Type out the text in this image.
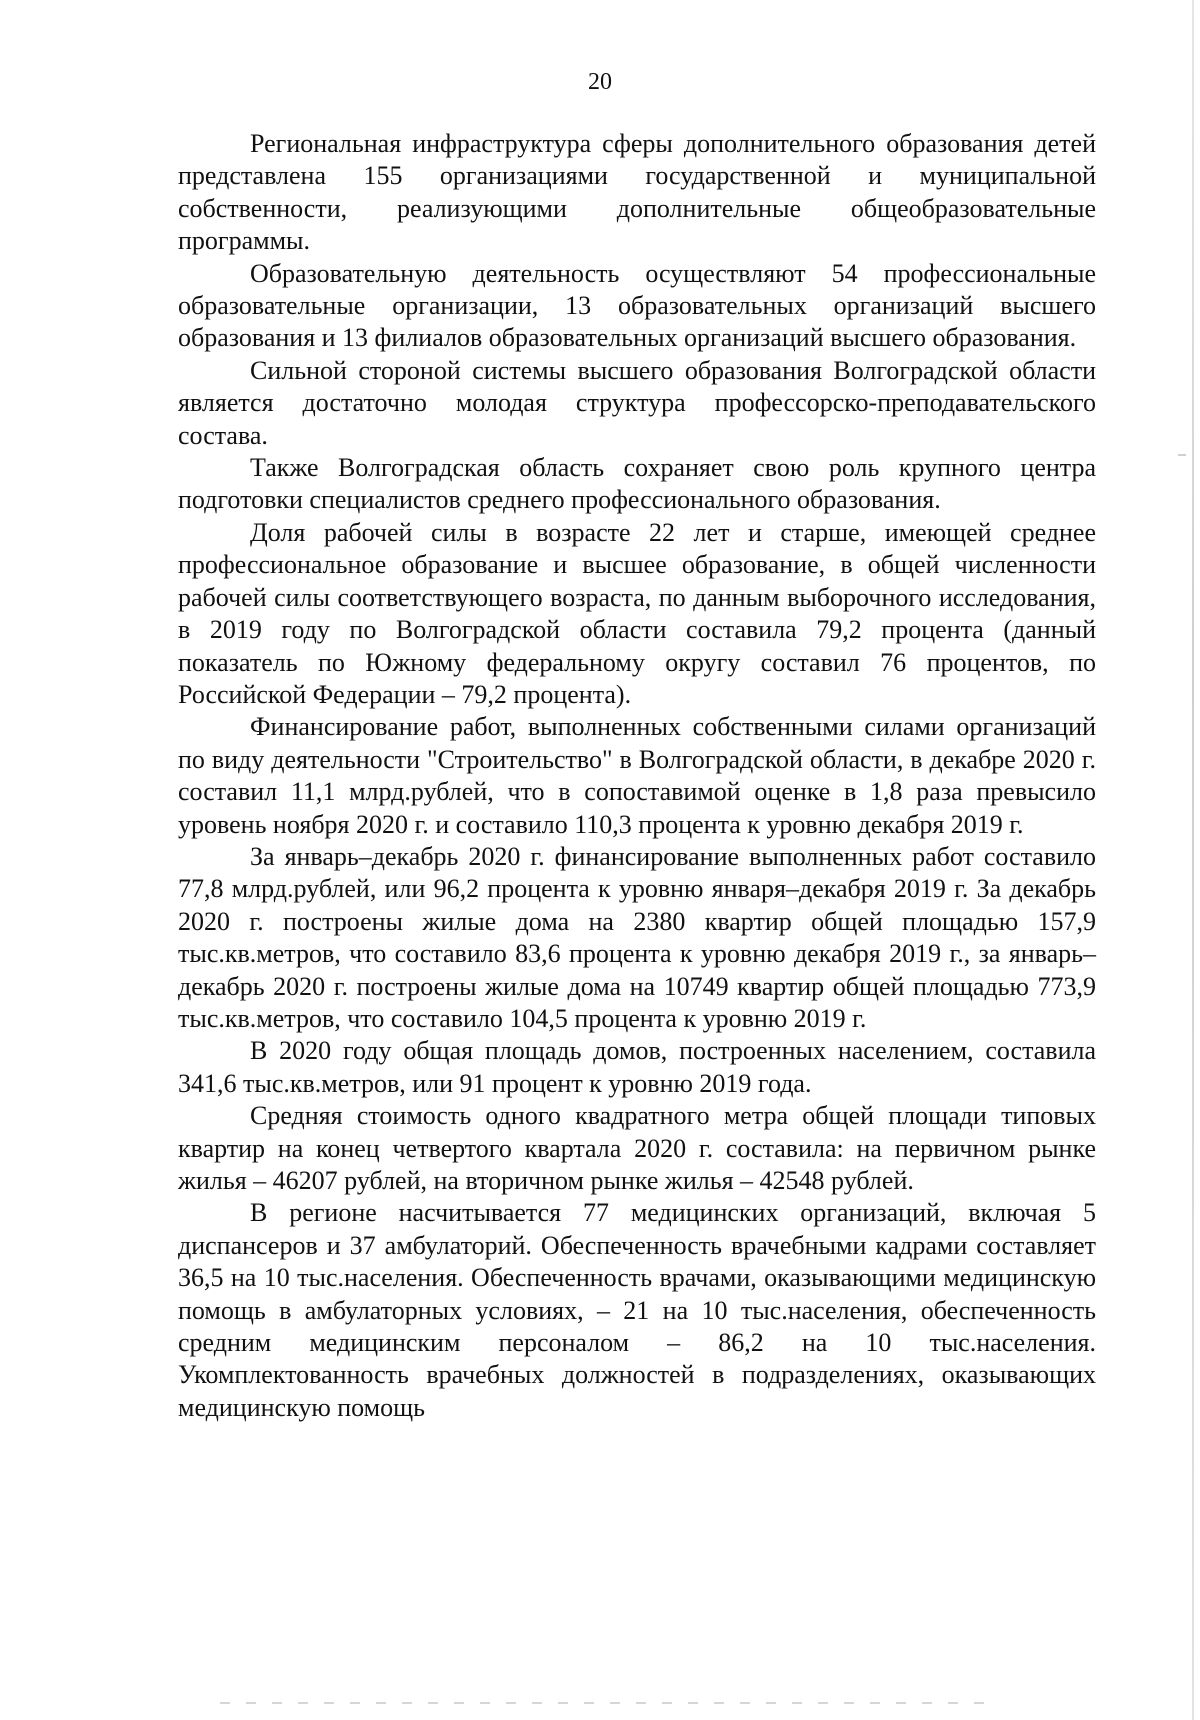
20

Региональная инфраструктура сферы дополнительного образования детей представлена 155 организациями государственной и муниципальной собственности, реализующими дополнительные общеобразовательные программы.

Образовательную деятельность осуществляют 54 профессиональные образовательные организации, 13 образовательных организаций высшего образования и 13 филиалов образовательных организаций высшего образования.

Сильной стороной системы высшего образования Волгоградской области является достаточно молодая структура профессорско-преподавательского состава.

Также Волгоградская область сохраняет свою роль крупного центра подготовки специалистов среднего профессионального образования.

Доля рабочей силы в возрасте 22 лет и старше, имеющей среднее профессиональное образование и высшее образование, в общей численности рабочей силы соответствующего возраста, по данным выборочного исследования, в 2019 году по Волгоградской области составила 79,2 процента (данный показатель по Южному федеральному округу составил 76 процентов, по Российской Федерации – 79,2 процента).

Финансирование работ, выполненных собственными силами организаций по виду деятельности "Строительство" в Волгоградской области, в декабре 2020 г. составил 11,1 млрд.рублей, что в сопоставимой оценке в 1,8 раза превысило уровень ноября 2020 г. и составило 110,3 процента к уровню декабря 2019 г.

За январь–декабрь 2020 г. финансирование выполненных работ составило 77,8 млрд.рублей, или 96,2 процента к уровню января–декабря 2019 г. За декабрь 2020 г. построены жилые дома на 2380 квартир общей площадью 157,9 тыс.кв.метров, что составило 83,6 процента к уровню декабря 2019 г., за январь–декабрь 2020 г. построены жилые дома на 10749 квартир общей площадью 773,9 тыс.кв.метров, что составило 104,5 процента к уровню 2019 г.

В 2020 году общая площадь домов, построенных населением, составила 341,6 тыс.кв.метров, или 91 процент к уровню 2019 года.

Средняя стоимость одного квадратного метра общей площади типовых квартир на конец четвертого квартала 2020 г. составила: на первичном рынке жилья – 46207 рублей, на вторичном рынке жилья – 42548 рублей.

В регионе насчитывается 77 медицинских организаций, включая 5 диспансеров и 37 амбулаторий. Обеспеченность врачебными кадрами составляет 36,5 на 10 тыс.населения. Обеспеченность врачами, оказывающими медицинскую помощь в амбулаторных условиях, – 21 на 10 тыс.населения, обеспеченность средним медицинским персоналом – 86,2 на 10 тыс.населения. Укомплектованность врачебных должностей в подразделениях, оказывающих медицинскую помощь
